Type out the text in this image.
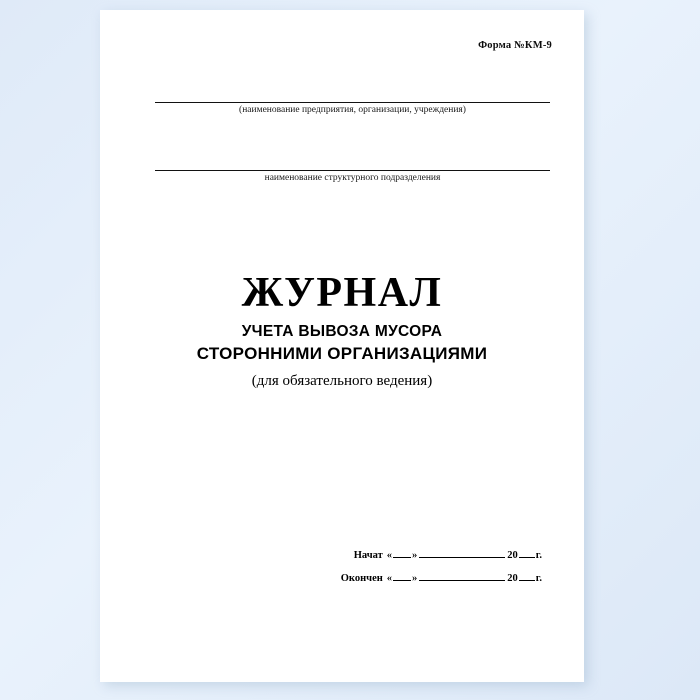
Форма №КМ-9
(наименование предприятия, организации, учреждения)
наименование структурного подразделения
ЖУРНАЛ
УЧЕТА ВЫВОЗА МУСОРА
СТОРОННИМИ ОРГАНИЗАЦИЯМИ
(для обязательного ведения)
Начат « »	20 г.
Окончен « »	20 г.
